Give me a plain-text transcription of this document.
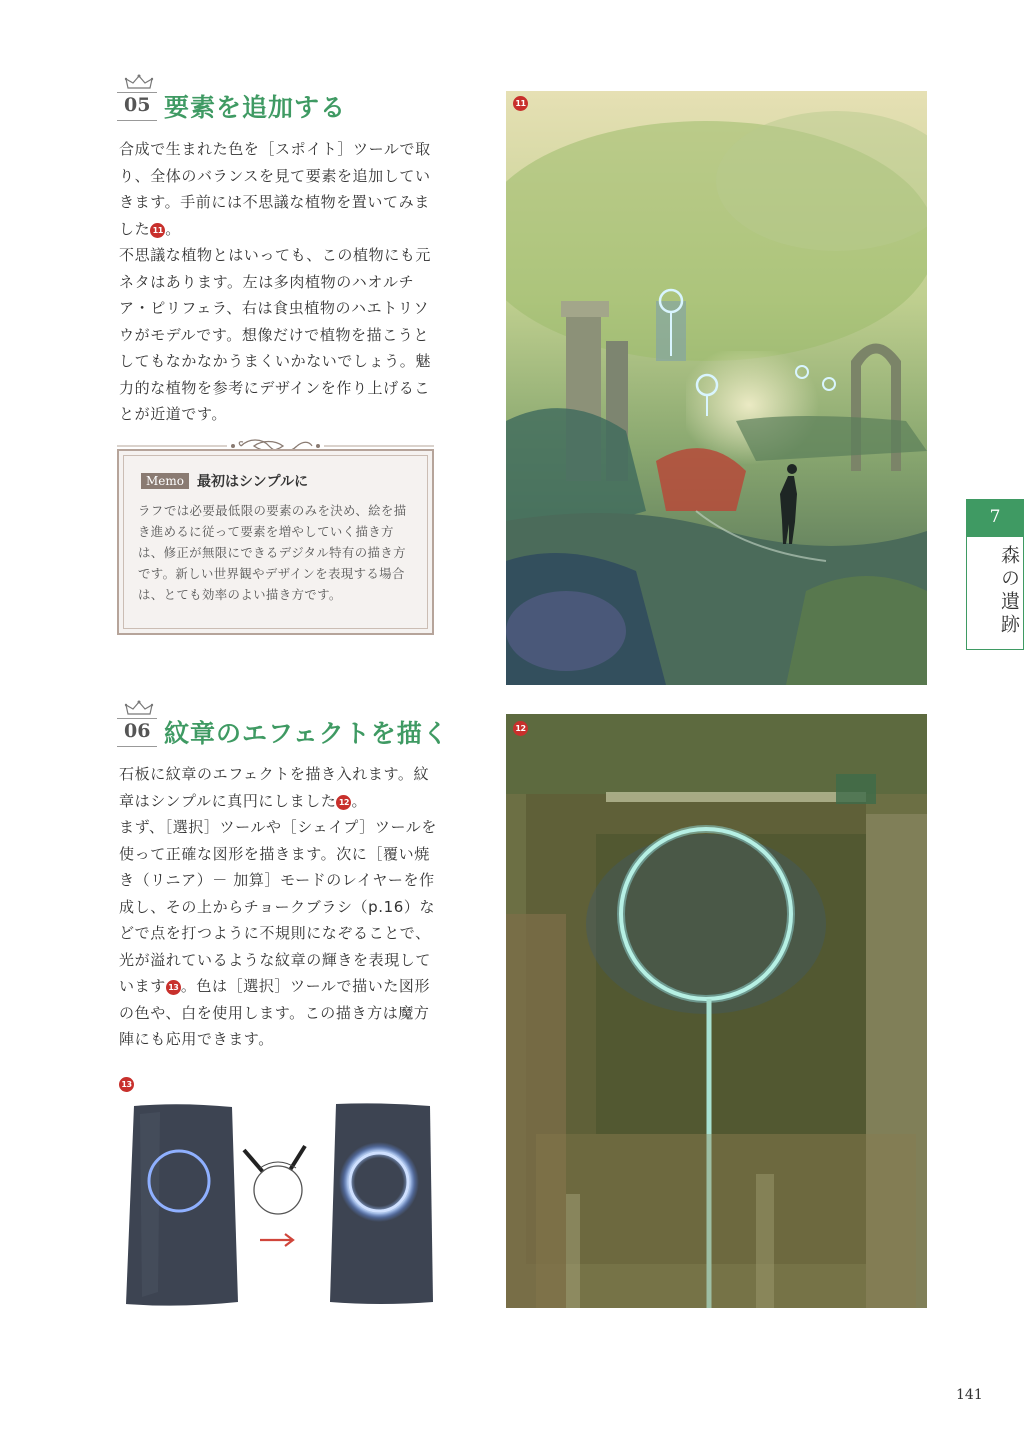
05 要素を追加する

合成で生まれた色を［スポイト］ツールで取り、全体のバランスを見て要素を追加していきます。手前には不思議な植物を置いてみました 11 。

不思議な植物とはいっても、この植物にも元ネタはあります。左は多肉植物のハオルチア・ピリフェラ、右は食虫植物のハエトリソウがモデルです。想像だけで植物を描こうとしてもなかなかうまくいかないでしょう。魅力的な植物を参考にデザインを作り上げることが近道です。

Memo 最初はシンプルに
ラフでは必要最低限の要素のみを決め、絵を描き進めるに従って要素を増やしていく描き方は、修正が無限にできるデジタル特有の描き方です。新しい世界観やデザインを表現する場合は、とても効率のよい描き方です。
11
06 紋章のエフェクトを描く

石板に紋章のエフェクトを描き入れます。紋章はシンプルに真円にしました 12 。

まず、［選択］ツールや［シェイプ］ツールを使って正確な図形を描きます。次に［覆い焼き（リニア）－ 加算］モードのレイヤーを作成し、その上からチョークブラシ（p.16）などで点を打つように不規則になぞることで、光が溢れているような紋章の輝きを表現しています 13 。色は［選択］ツールで描いた図形の色や、白を使用します。この描き方は魔方陣にも応用できます。

13
12
7
森の遺跡
141
